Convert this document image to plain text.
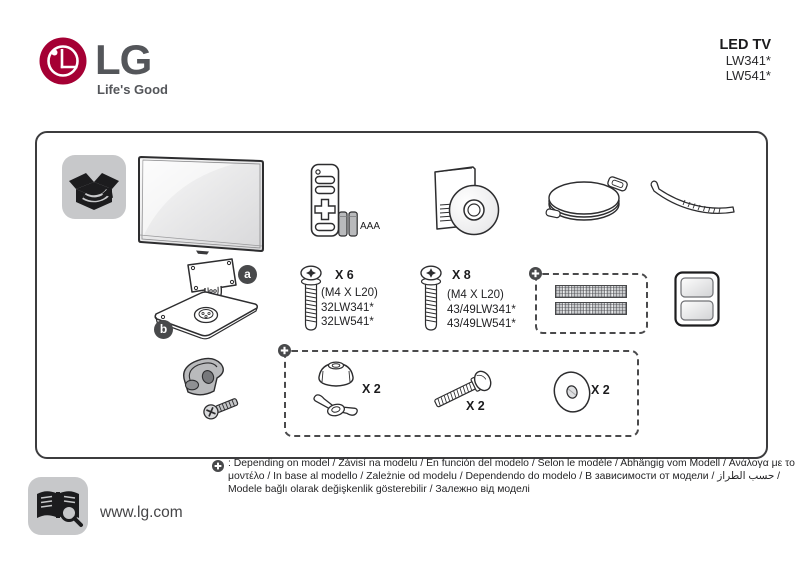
LG
Life's Good
LED TV
LW341*
LW541*
AAA
a
b
X 6
(M4 X L20)
32LW341*
32LW541*
X 8
(M4 X L20)
43/49LW341*
43/49LW541*
X 2
X 2
X 2
: Depending on model / Závisí na modelu / En función del modelo / Selon le modèle / Abhängig vom Modell / Ανάλογα με το
μοντέλο / In base al modello / Zależnie od modelu / Dependendo do modelo / В зависимости от модели / حسب الطراز /
Modele bağlı olarak değişkenlik gösterebilir / Залежно від моделі
www.lg.com
